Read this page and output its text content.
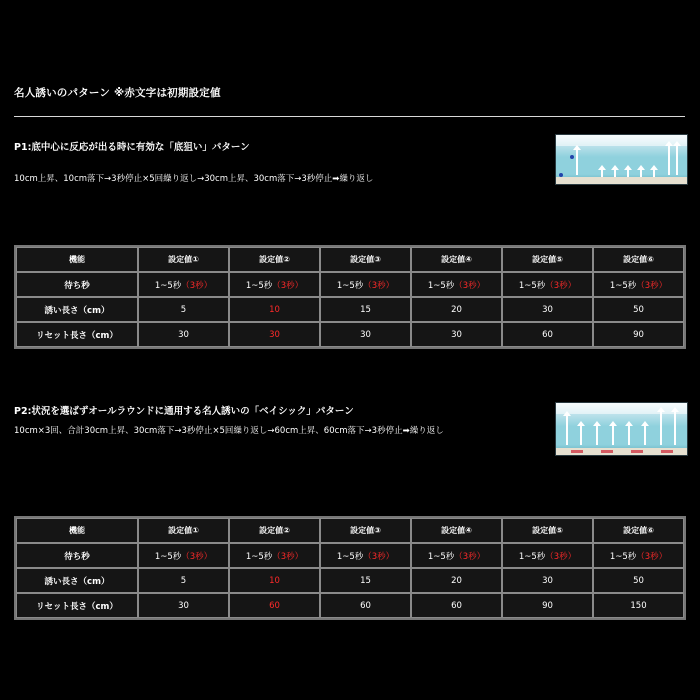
名人誘いのパターン ※赤文字は初期設定値
P1:底中心に反応が出る時に有効な「底狙い」パターン
10cm上昇、10cm落下→3秒停止×5回繰り返し→30cm上昇、30cm落下→3秒停止➡繰り返し
機能	設定値①	設定値②	設定値③	設定値④	設定値⑤	設定値⑥
待ち秒	1~5秒（3秒）	1~5秒（3秒）	1~5秒（3秒）	1~5秒（3秒）	1~5秒（3秒）	1~5秒（3秒）
誘い長さ（cm）	5	10	15	20	30	50
リセット長さ（cm）	30	30	30	30	60	90
P2:状況を選ばずオールラウンドに通用する名人誘いの「ベイシック」パターン
10cm×3回、合計30cm上昇、30cm落下→3秒停止×5回繰り返し→60cm上昇、60cm落下→3秒停止➡繰り返し
機能	設定値①	設定値②	設定値③	設定値④	設定値⑤	設定値⑥
待ち秒	1~5秒（3秒）	1~5秒（3秒）	1~5秒（3秒）	1~5秒（3秒）	1~5秒（3秒）	1~5秒（3秒）
誘い長さ（cm）	5	10	15	20	30	50
リセット長さ（cm）	30	60	60	60	90	150
